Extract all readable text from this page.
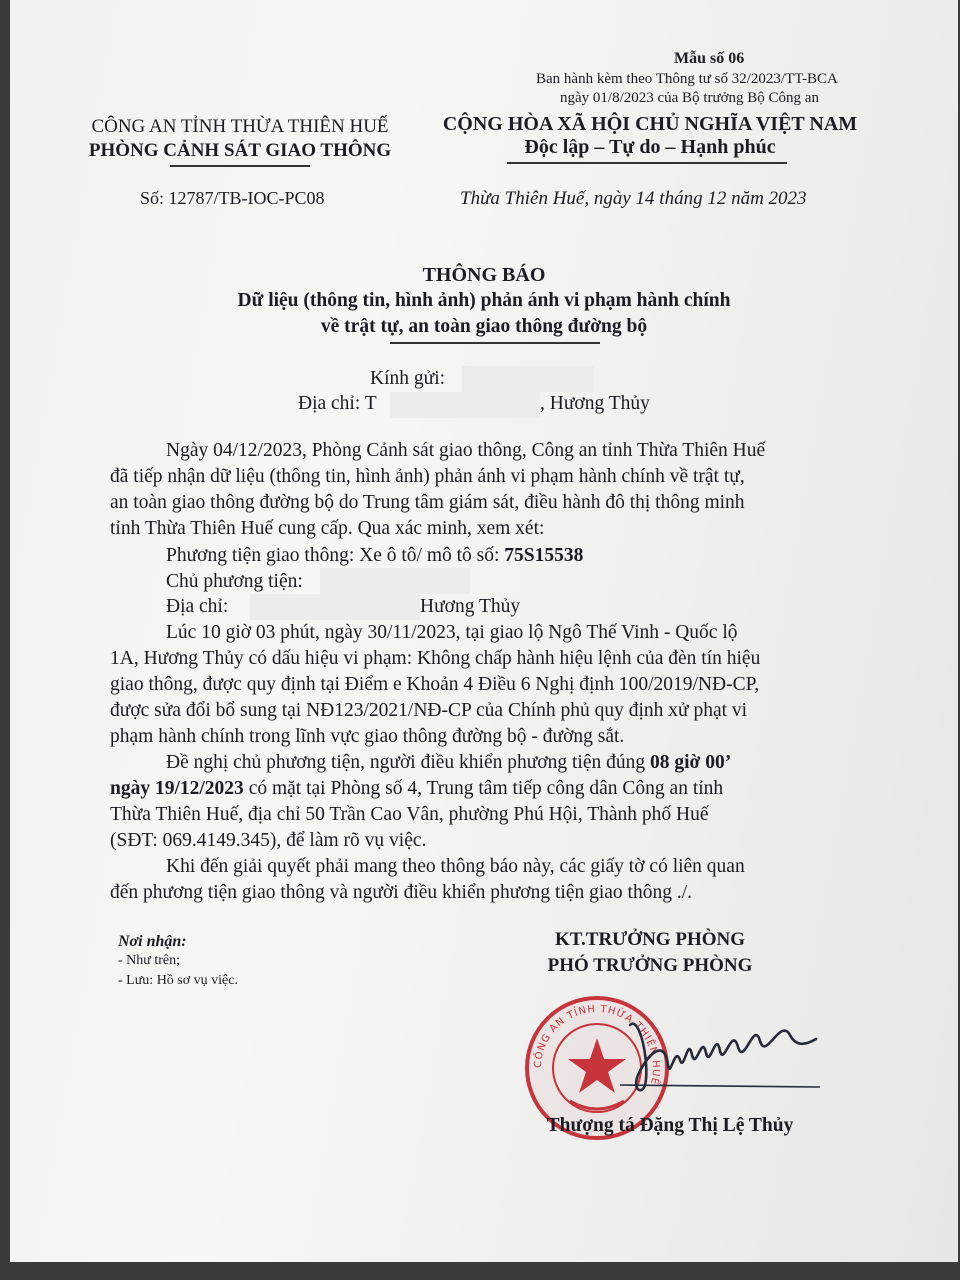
Mẫu số 06
Ban hành kèm theo Thông tư số 32/2023/TT-BCA
ngày 01/8/2023 của Bộ trưởng Bộ Công an
CÔNG AN TỈNH THỪA THIÊN HUẾ
PHÒNG CẢNH SÁT GIAO THÔNG
Số: 12787/TB-IOC-PC08
CỘNG HÒA XÃ HỘI CHỦ NGHĨA VIỆT NAM
Độc lập – Tự do – Hạnh phúc
Thừa Thiên Huế, ngày 14 tháng 12 năm 2023
THÔNG BÁO
Dữ liệu (thông tin, hình ảnh) phản ánh vi phạm hành chính
về trật tự, an toàn giao thông đường bộ
Kính gửi:
Địa chỉ: T	, Hương Thủy
Ngày 04/12/2023, Phòng Cảnh sát giao thông, Công an tỉnh Thừa Thiên Huế
đã tiếp nhận dữ liệu (thông tin, hình ảnh) phản ánh vi phạm hành chính về trật tự,
an toàn giao thông đường bộ do Trung tâm giám sát, điều hành đô thị thông minh
tỉnh Thừa Thiên Huế cung cấp. Qua xác minh, xem xét:
Phương tiện giao thông: Xe ô tô/ mô tô số: 75S15538
Chủ phương tiện:
Địa chỉ:	Hương Thủy
Lúc 10 giờ 03 phút, ngày 30/11/2023, tại giao lộ Ngô Thế Vinh - Quốc lộ
1A, Hương Thủy có dấu hiệu vi phạm: Không chấp hành hiệu lệnh của đèn tín hiệu
giao thông, được quy định tại Điểm e Khoản 4 Điều 6 Nghị định 100/2019/NĐ-CP,
được sửa đổi bổ sung tại NĐ123/2021/NĐ-CP của Chính phủ quy định xử phạt vi
phạm hành chính trong lĩnh vực giao thông đường bộ - đường sắt.
Đề nghị chủ phương tiện, người điều khiển phương tiện đúng 08 giờ 00’
ngày 19/12/2023 có mặt tại Phòng số 4, Trung tâm tiếp công dân Công an tỉnh
Thừa Thiên Huế, địa chỉ 50 Trần Cao Vân, phường Phú Hội, Thành phố Huế
(SĐT: 069.4149.345), để làm rõ vụ việc.
Khi đến giải quyết phải mang theo thông báo này, các giấy tờ có liên quan
đến phương tiện giao thông và người điều khiển phương tiện giao thông ./.
Nơi nhận:
- Như trên;
- Lưu: Hồ sơ vụ việc.
KT.TRƯỞNG PHÒNG
PHÓ TRƯỞNG PHÒNG
CÔNG AN TỈNH THỪA THIÊN HUẾ
Thượng tá Đặng Thị Lệ Thủy
